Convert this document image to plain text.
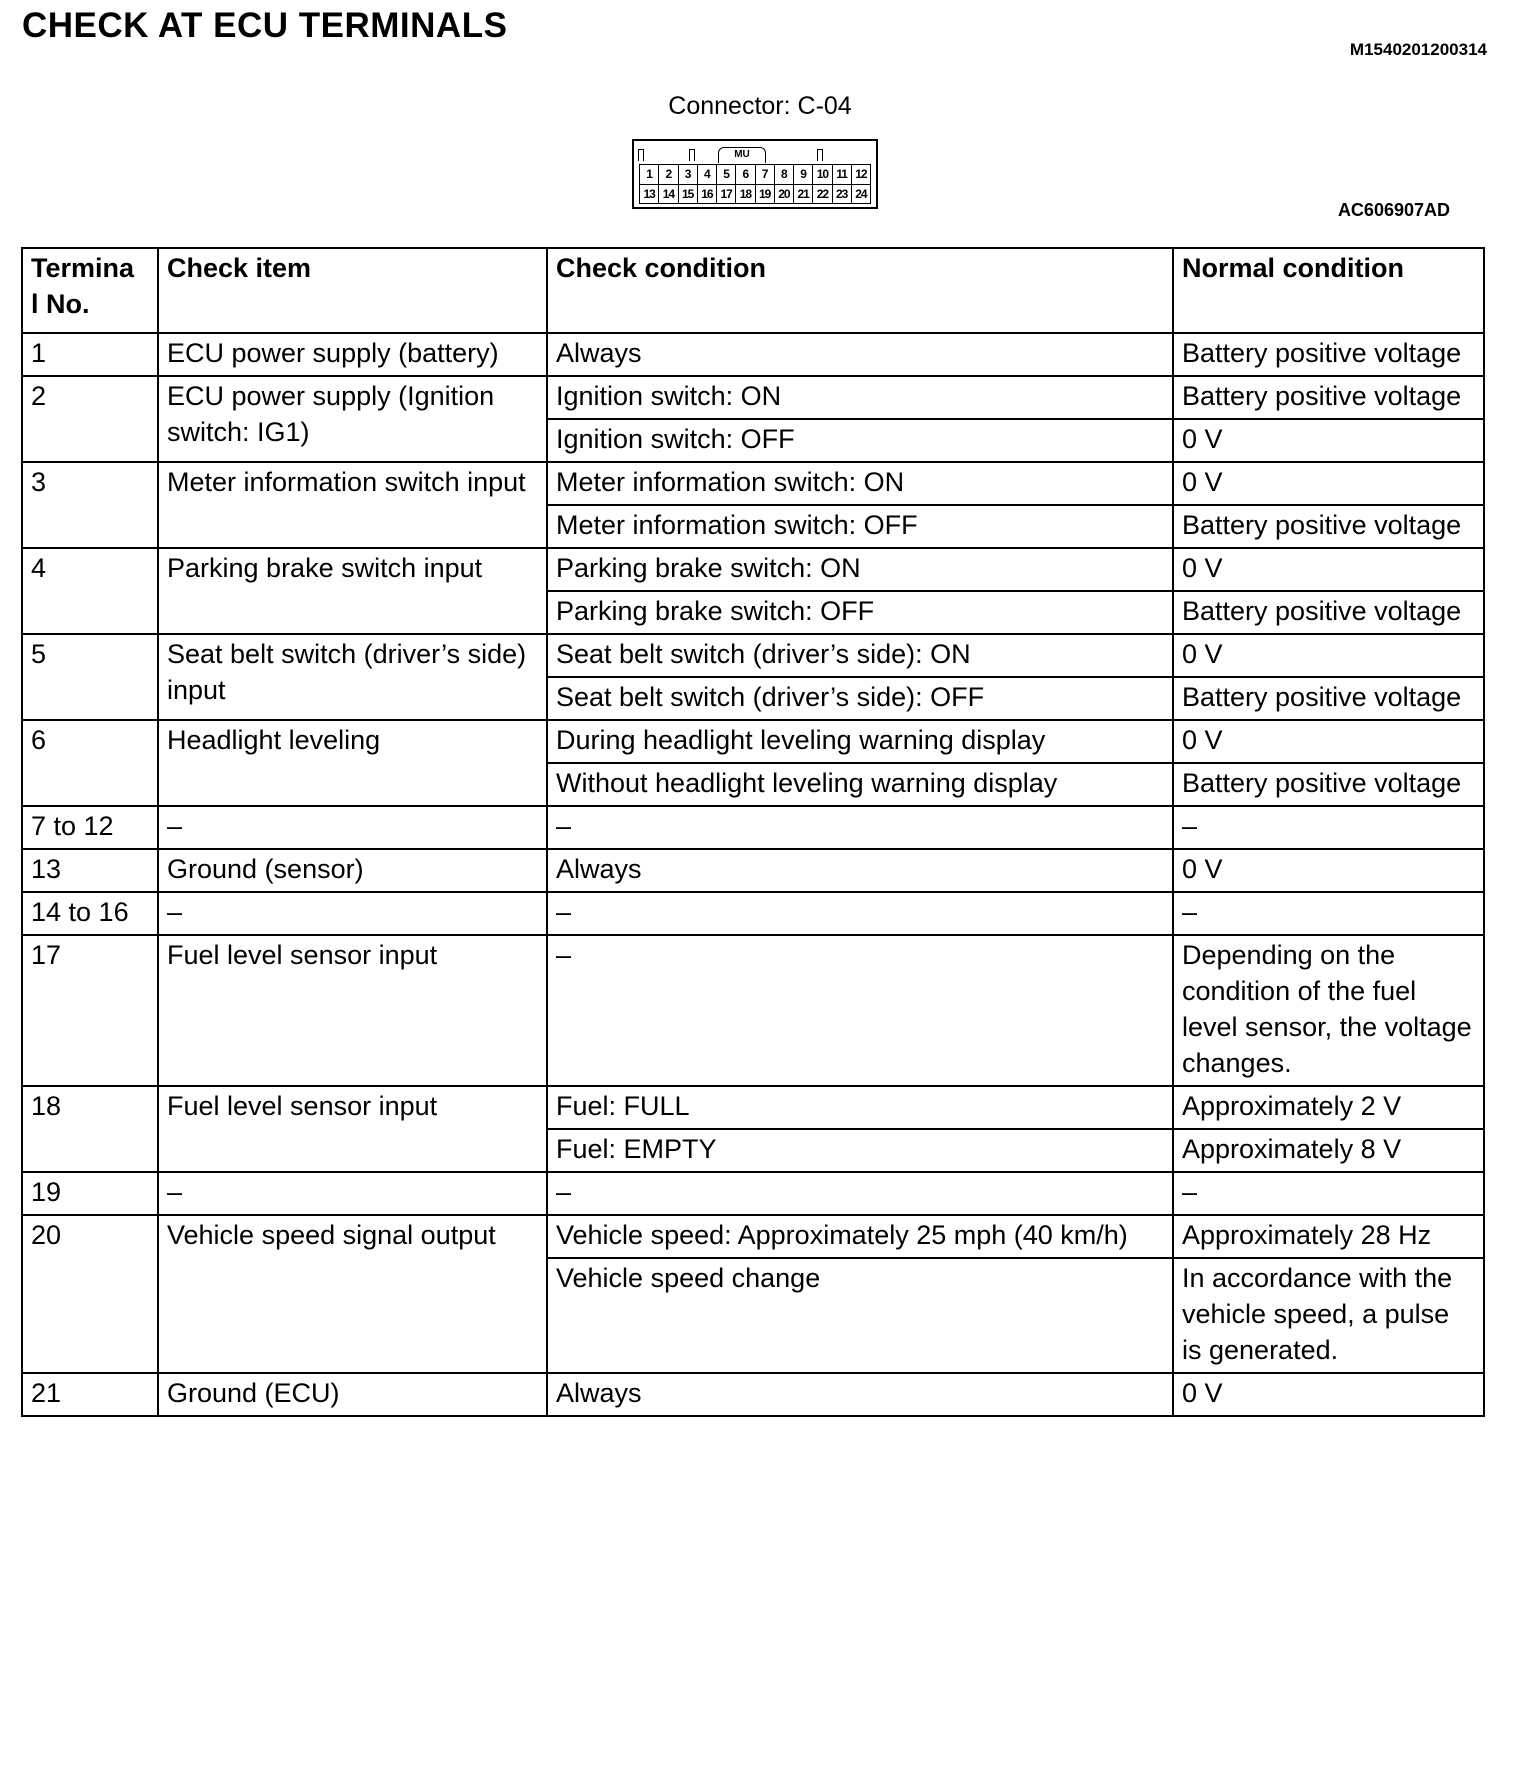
CHECK AT ECU TERMINALS
M1540201200314
Connector: C-04
MU
1	2	3	4	5	6	7	8	9 10 11 12
13 14 15 16 17 18 19 20 21 22 23 24
AC606907AD
Termina l No.	Check item	Check condition	Normal condition
1	ECU power supply (battery)	Always	Battery positive voltage
2	ECU power supply (Ignition switch: IG1)	Ignition switch: ON	Battery positive voltage
		Ignition switch: OFF	0 V
3	Meter information switch input	Meter information switch: ON	0 V
		Meter information switch: OFF	Battery positive voltage
4	Parking brake switch input	Parking brake switch: ON	0 V
		Parking brake switch: OFF	Battery positive voltage
5	Seat belt switch (driver’s side) input	Seat belt switch (driver’s side): ON	0 V
		Seat belt switch (driver’s side): OFF	Battery positive voltage
6	Headlight leveling	During headlight leveling warning display	0 V
		Without headlight leveling warning display	Battery positive voltage
7 to 12	–	–	–
13	Ground (sensor)	Always	0 V
14 to 16	–	–	–
17	Fuel level sensor input	–	Depending on the condition of the fuel level sensor, the voltage changes.
18	Fuel level sensor input	Fuel: FULL	Approximately 2 V
		Fuel: EMPTY	Approximately 8 V
19	–	–	–
20	Vehicle speed signal output	Vehicle speed: Approximately 25 mph (40 km/h)	Approximately 28 Hz
		Vehicle speed change	In accordance with the vehicle speed, a pulse is generated.
21	Ground (ECU)	Always	0 V
